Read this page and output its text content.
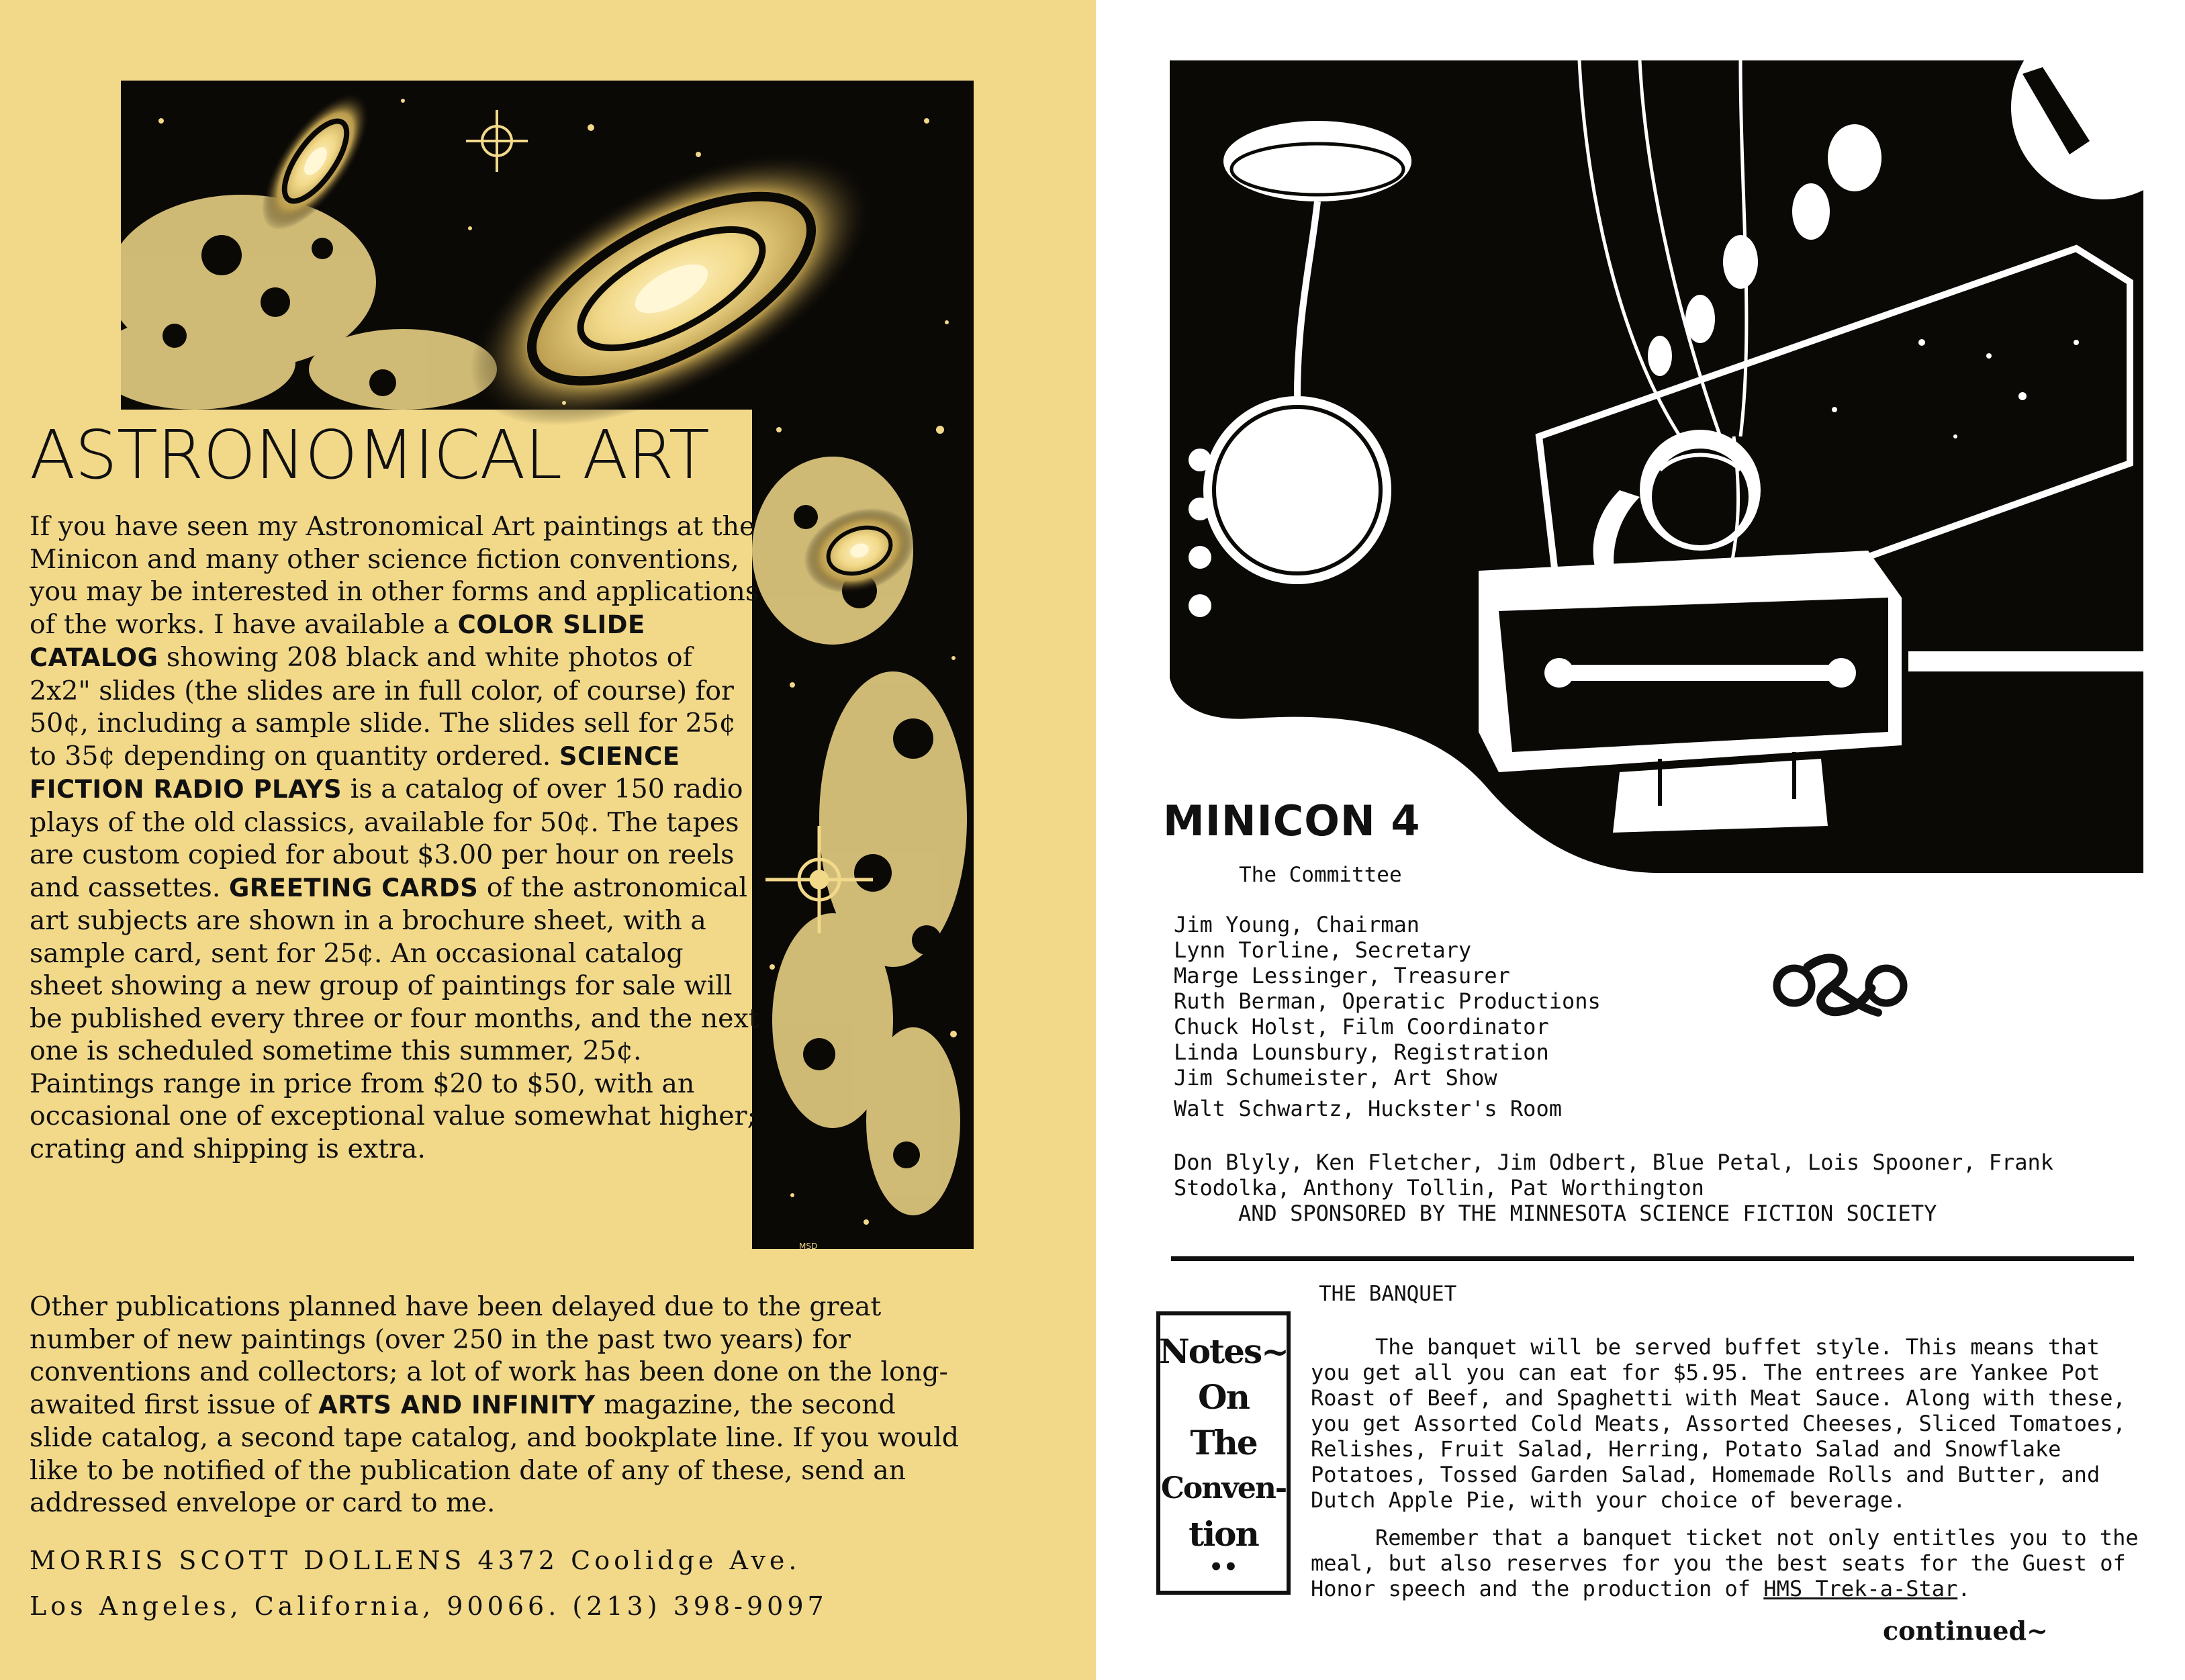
MSD
ASTRONOMICAL ART

If you have seen my Astronomical Art paintings at the Minicon and many other science fiction conventions, you may be interested in other forms and applications of the works. I have available a COLOR SLIDE CATALOG showing 208 black and white photos of 2x2" slides (the slides are in full color, of course) for 50¢, including a sample slide. The slides sell for 25¢ to 35¢ depending on quantity ordered. SCIENCE FICTION RADIO PLAYS is a catalog of over 150 radio plays of the old classics, available for 50¢. The tapes are custom copied for about $3.00 per hour on reels and cassettes. GREETING CARDS of the astronomical art subjects are shown in a brochure sheet, with a sample card, sent for 25¢. An occasional catalog sheet showing a new group of paintings for sale will be published every three or four months, and the next one is scheduled sometime this summer, 25¢. Paintings range in price from $20 to $50, with an occasional one of exceptional value somewhat higher; crating and shipping is extra.

Other publications planned have been delayed due to the great number of new paintings (over 250 in the past two years) for conventions and collectors; a lot of work has been done on the long-awaited first issue of ARTS AND INFINITY magazine, the second slide catalog, a second tape catalog, and bookplate line. If you would like to be notified of the publication date of any of these, send an addressed envelope or card to me.

MORRIS SCOTT DOLLENS 4372 Coolidge Ave.
Los Angeles, California, 90066. (213) 398-9097
MINICON 4
The Committee
Jim Young, Chairman
Lynn Torline, Secretary
Marge Lessinger, Treasurer
Ruth Berman, Operatic Productions
Chuck Holst, Film Coordinator
Linda Lounsbury, Registration
Jim Schumeister, Art Show
Walt Schwartz, Huckster's Room

Don Blyly, Ken Fletcher, Jim Odbert, Blue Petal, Lois Spooner, Frank Stodolka, Anthony Tollin, Pat Worthington

AND SPONSORED BY THE MINNESOTA SCIENCE FICTION SOCIETY
Notes~
On
The
Conven-
tion
••
THE BANQUET

The banquet will be served buffet style. This means that you get all you can eat for $5.95. The entrees are Yankee Pot Roast of Beef, and Spaghetti with Meat Sauce. Along with these, you get Assorted Cold Meats, Assorted Cheeses, Sliced Tomatoes, Relishes, Fruit Salad, Herring, Potato Salad and Snowflake Potatoes, Tossed Garden Salad, Homemade Rolls and Butter, and Dutch Apple Pie, with your choice of beverage.

Remember that a banquet ticket not only entitles you to the meal, but also reserves for you the best seats for the Guest of Honor speech and the production of HMS Trek-a-Star.

continued~
